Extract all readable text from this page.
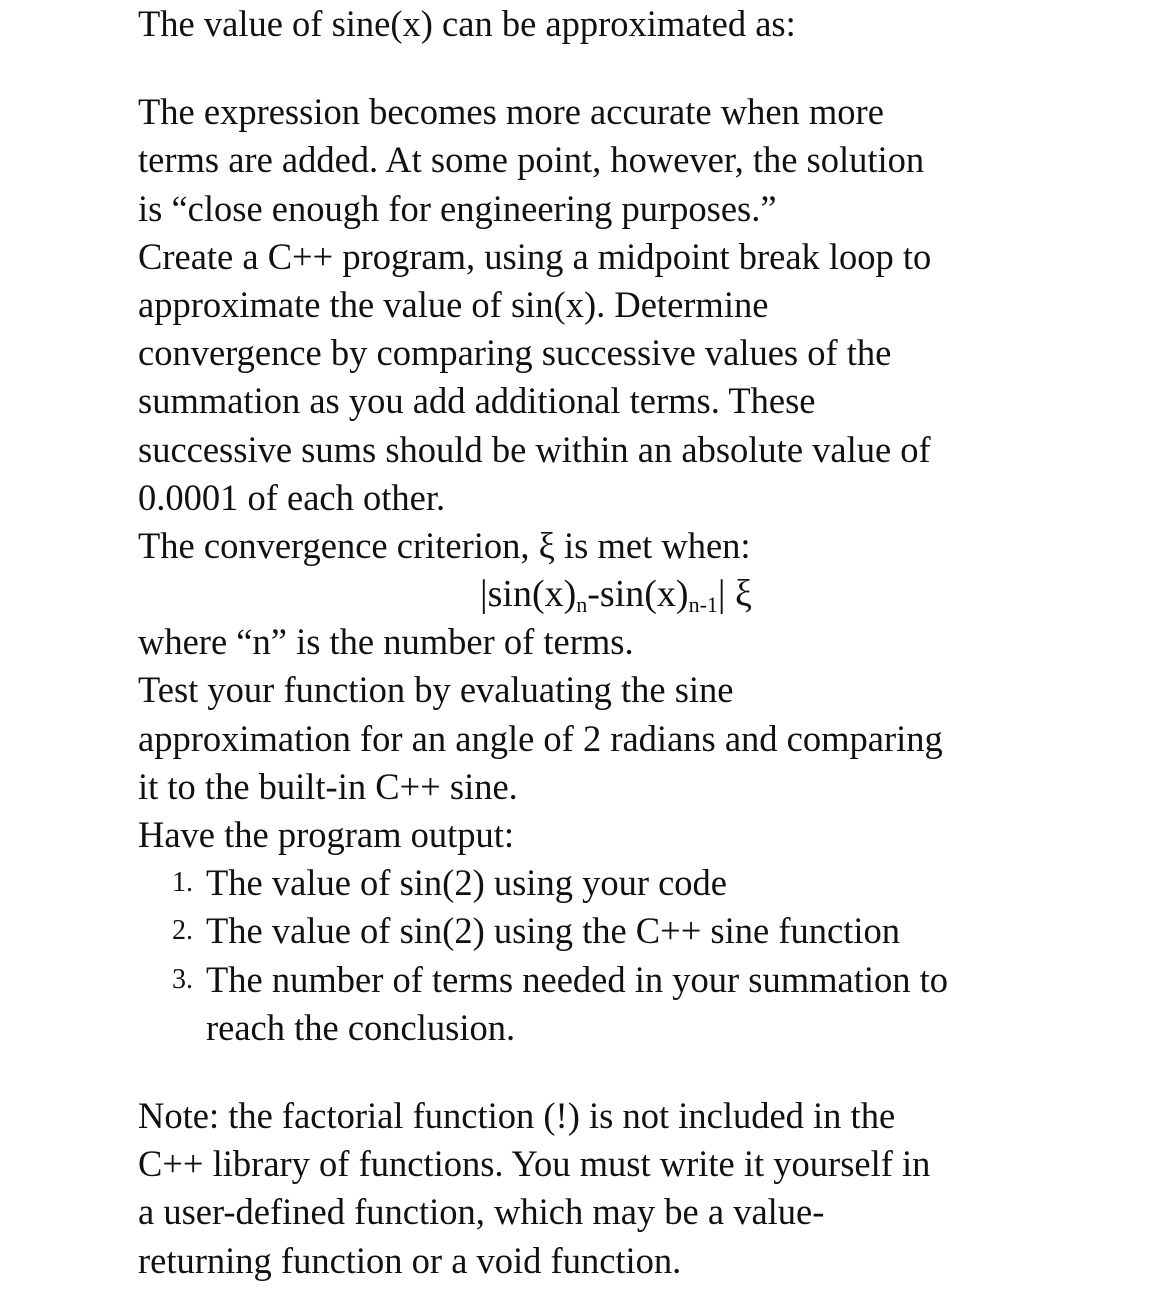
The value of sine(x) can be approximated as:
The expression becomes more accurate when more
terms are added. At some point, however, the solution
is “close enough for engineering purposes.”
Create a C++ program, using a midpoint break loop to
approximate the value of sin(x). Determine
convergence by comparing successive values of the
summation as you add additional terms. These
successive sums should be within an absolute value of
0.0001 of each other.
The convergence criterion, ξ is met when:
$|\sin(x)_n-\sin(x)_{n-1}|$ ξ
where “n” is the number of terms.
Test your function by evaluating the sine
approximation for an angle of 2 radians and comparing
it to the built-in C++ sine.
Have the program output:
1. The value of sin(2) using your code
2. The value of sin(2) using the C++ sine function
3. The number of terms needed in your summation to
reach the conclusion.
Note: the factorial function (!) is not included in the
C++ library of functions. You must write it yourself in
a user-defined function, which may be a value-
returning function or a void function.
